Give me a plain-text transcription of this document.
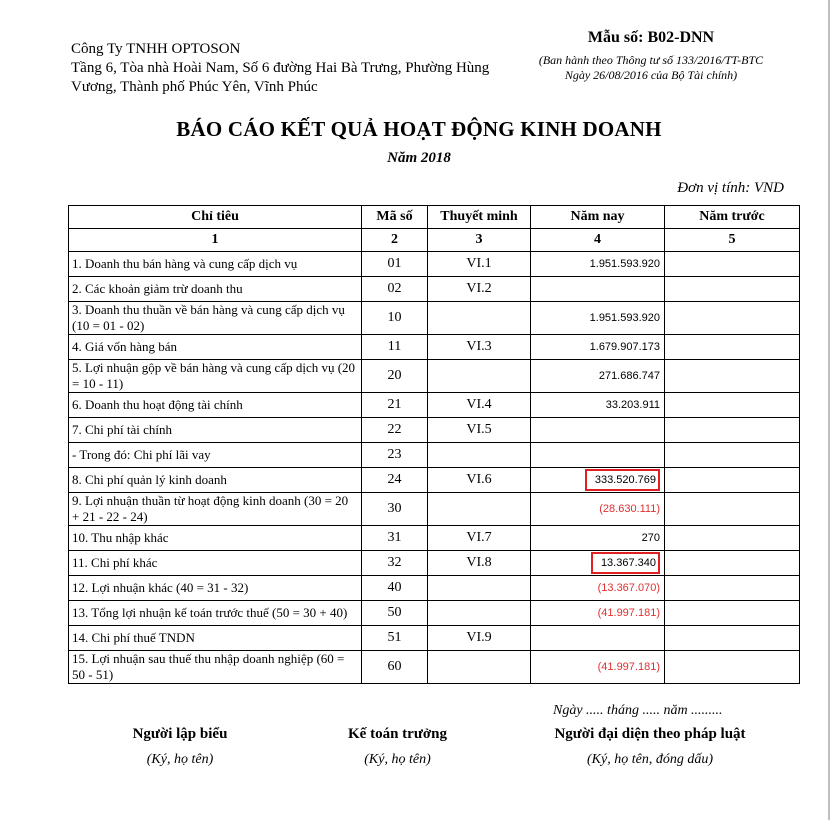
Công Ty TNHH OPTOSON
Tầng 6, Tòa nhà Hoài Nam, Số 6 đường Hai Bà Trưng, Phường Hùng Vương, Thành phố Phúc Yên, Vĩnh Phúc
Mẫu số: B02-DNN
(Ban hành theo Thông tư số 133/2016/TT-BTC
Ngày 26/08/2016 của Bộ Tài chính)
BÁO CÁO KẾT QUẢ HOẠT ĐỘNG KINH DOANH
Năm 2018
Đơn vị tính: VND
Chỉ tiêu	Mã số	Thuyết minh	Năm nay	Năm trước
1	2	3	4	5
1. Doanh thu bán hàng và cung cấp dịch vụ	01	VI.1	1.951.593.920	
2. Các khoản giảm trừ doanh thu	02	VI.2		
3. Doanh thu thuần về bán hàng và cung cấp dịch vụ (10 = 01 - 02)	10		1.951.593.920	
4. Giá vốn hàng bán	11	VI.3	1.679.907.173	
5. Lợi nhuận gộp về bán hàng và cung cấp dịch vụ (20 = 10 - 11)	20		271.686.747	
6. Doanh thu hoạt động tài chính	21	VI.4	33.203.911	
7. Chi phí tài chính	22	VI.5		
- Trong đó: Chi phí lãi vay	23			
8. Chi phí quản lý kinh doanh	24	VI.6	333.520.769	
9. Lợi nhuận thuần từ hoạt động kinh doanh (30 = 20 + 21 - 22 - 24)	30		(28.630.111)	
10. Thu nhập khác	31	VI.7	270	
11. Chi phí khác	32	VI.8	13.367.340	
12. Lợi nhuận khác (40 = 31 - 32)	40		(13.367.070)	
13. Tổng lợi nhuận kế toán trước thuế (50 = 30 + 40)	50		(41.997.181)	
14. Chi phí thuế TNDN	51	VI.9		
15. Lợi nhuận sau thuế thu nhập doanh nghiệp (60 = 50 - 51)	60		(41.997.181)	
Ngày ..... tháng ..... năm .........
Người lập biểu
(Ký, họ tên)
Kế toán trưởng
(Ký, họ tên)
Người đại diện theo pháp luật
(Ký, họ tên, đóng dấu)
